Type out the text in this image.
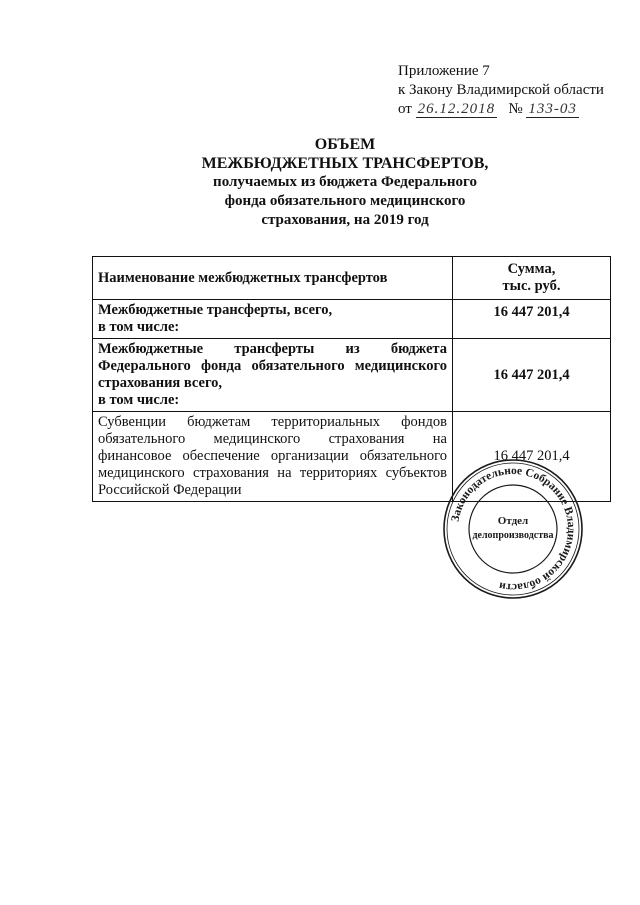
Приложение 7
к Закону Владимирской области
от 26.12.2018 № 133-03
ОБЪЕМ
МЕЖБЮДЖЕТНЫХ ТРАНСФЕРТОВ,
получаемых из бюджета Федерального
фонда обязательного медицинского
страхования, на 2019 год
Наименование межбюджетных трансфертов	Сумма,
тыс. руб.

Межбюджетные трансферты, всего,
в том числе:	16 447 201,4

Межбюджетные трансферты из бюджета Федерального фонда обязательного медицинского страхования всего,
в том числе:	16 447 201,4

Субвенции бюджетам территориальных фондов обязательного медицинского страхования на финансовое обеспечение организации обязательного медицинского страхования на территориях субъектов Российской Федерации	16 447 201,4
Законодательное Собрание Владимирской области
Отдел
делопроизводства
